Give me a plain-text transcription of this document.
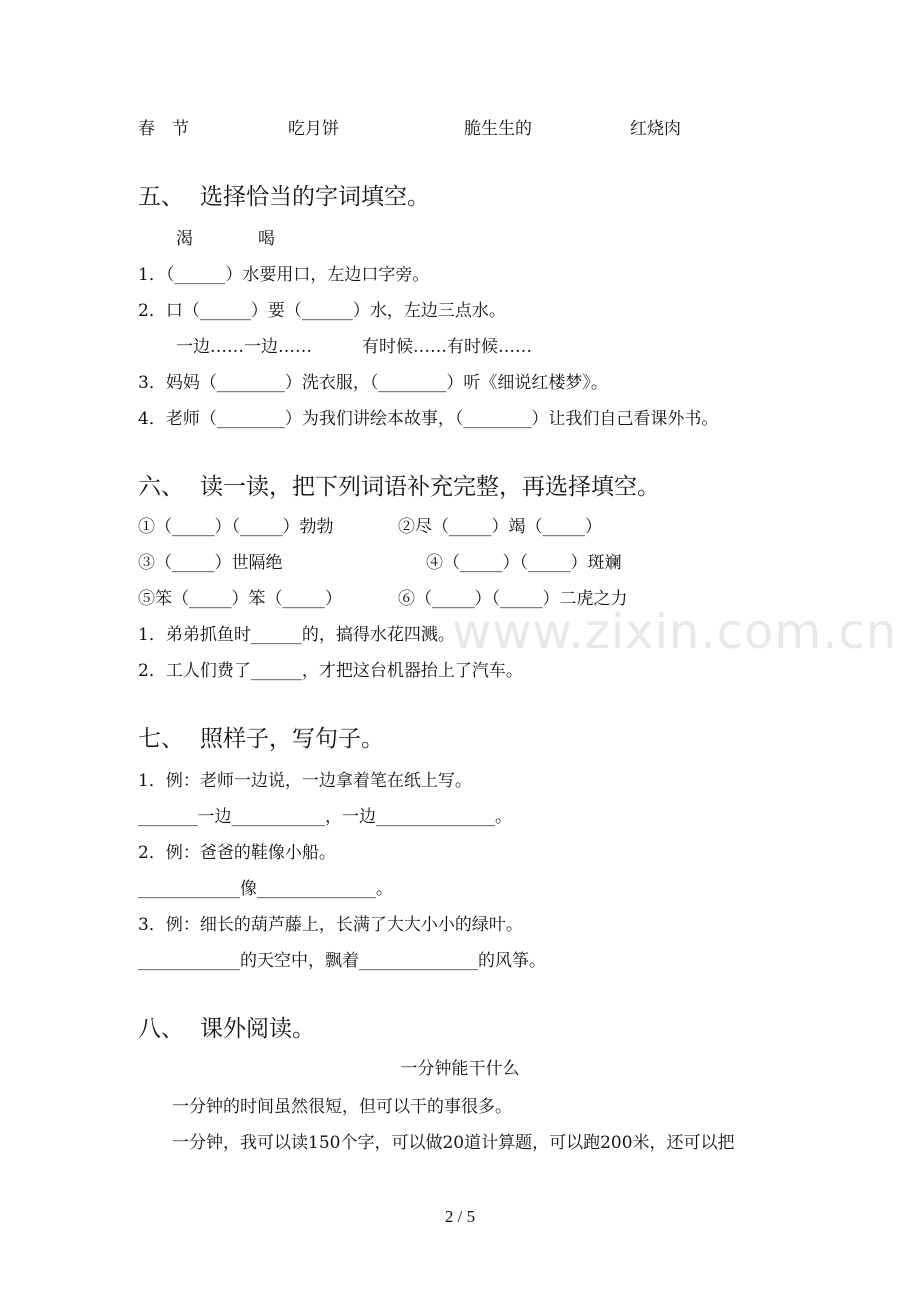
春　节	吃月饼	脆生生的	红烧肉
五、 选择恰当的字词填空。
渴	喝
1．（______）水要用口，左边口字旁。
2．口（______）要（______）水，左边三点水。
一边……一边……	有时候……有时候……
3．妈妈（________）洗衣服，（________）听《细说红楼梦》。
4．老师（________）为我们讲绘本故事，（________）让我们自己看课外书。
六、 读一读，把下列词语补充完整，再选择填空。
①（_____）（_____）勃勃	②尽（_____）竭（_____）
③（_____）世隔绝	④（_____）（_____）斑斓
⑤笨（_____）笨（_____）	⑥（_____）（_____）二虎之力
1．弟弟抓鱼时______的，搞得水花四溅。
2．工人们费了______，才把这台机器抬上了汽车。
七、 照样子，写句子。
1．例：老师一边说，一边拿着笔在纸上写。
_______一边___________，一边______________。
2．例：爸爸的鞋像小船。
____________像______________。
3．例：细长的葫芦藤上，长满了大大小小的绿叶。
____________的天空中，飘着______________的风筝。
八、 课外阅读。
一分钟能干什么
一分钟的时间虽然很短，但可以干的事很多。
一分钟，我可以读150个字，可以做20道计算题，可以跑200米，还可以把
www.zixin.com.cn
2 / 5
